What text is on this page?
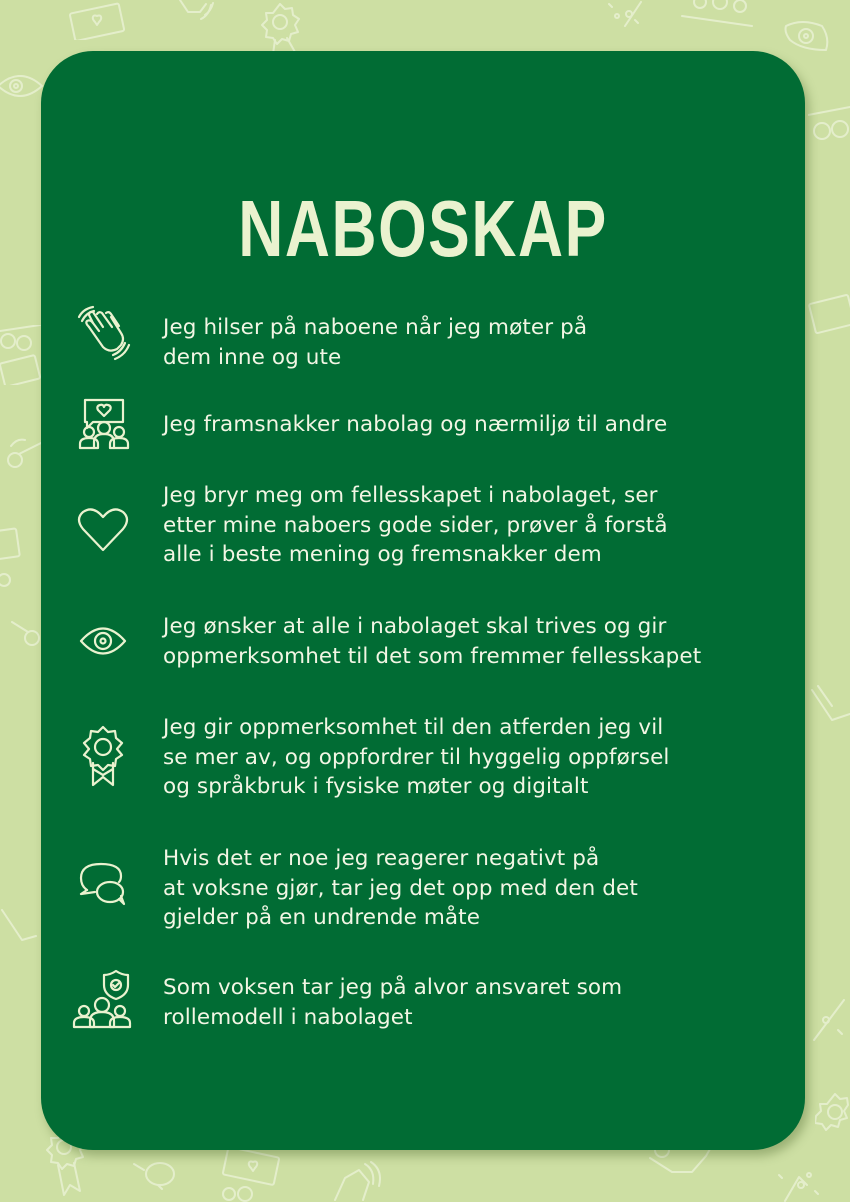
NABOSKAP
Jeg hilser på naboene når jeg møter på
dem inne og ute
Jeg framsnakker nabolag og nærmiljø til andre
Jeg bryr meg om fellesskapet i nabolaget, ser
etter mine naboers gode sider, prøver å forstå
alle i beste mening og fremsnakker dem
Jeg ønsker at alle i nabolaget skal trives og gir
oppmerksomhet til det som fremmer fellesskapet
Jeg gir oppmerksomhet til den atferden jeg vil
se mer av, og oppfordrer til hyggelig oppførsel
og språkbruk i fysiske møter og digitalt
Hvis det er noe jeg reagerer negativt på
at voksne gjør, tar jeg det opp med den det
gjelder på en undrende måte
Som voksen tar jeg på alvor ansvaret som
rollemodell i nabolaget
